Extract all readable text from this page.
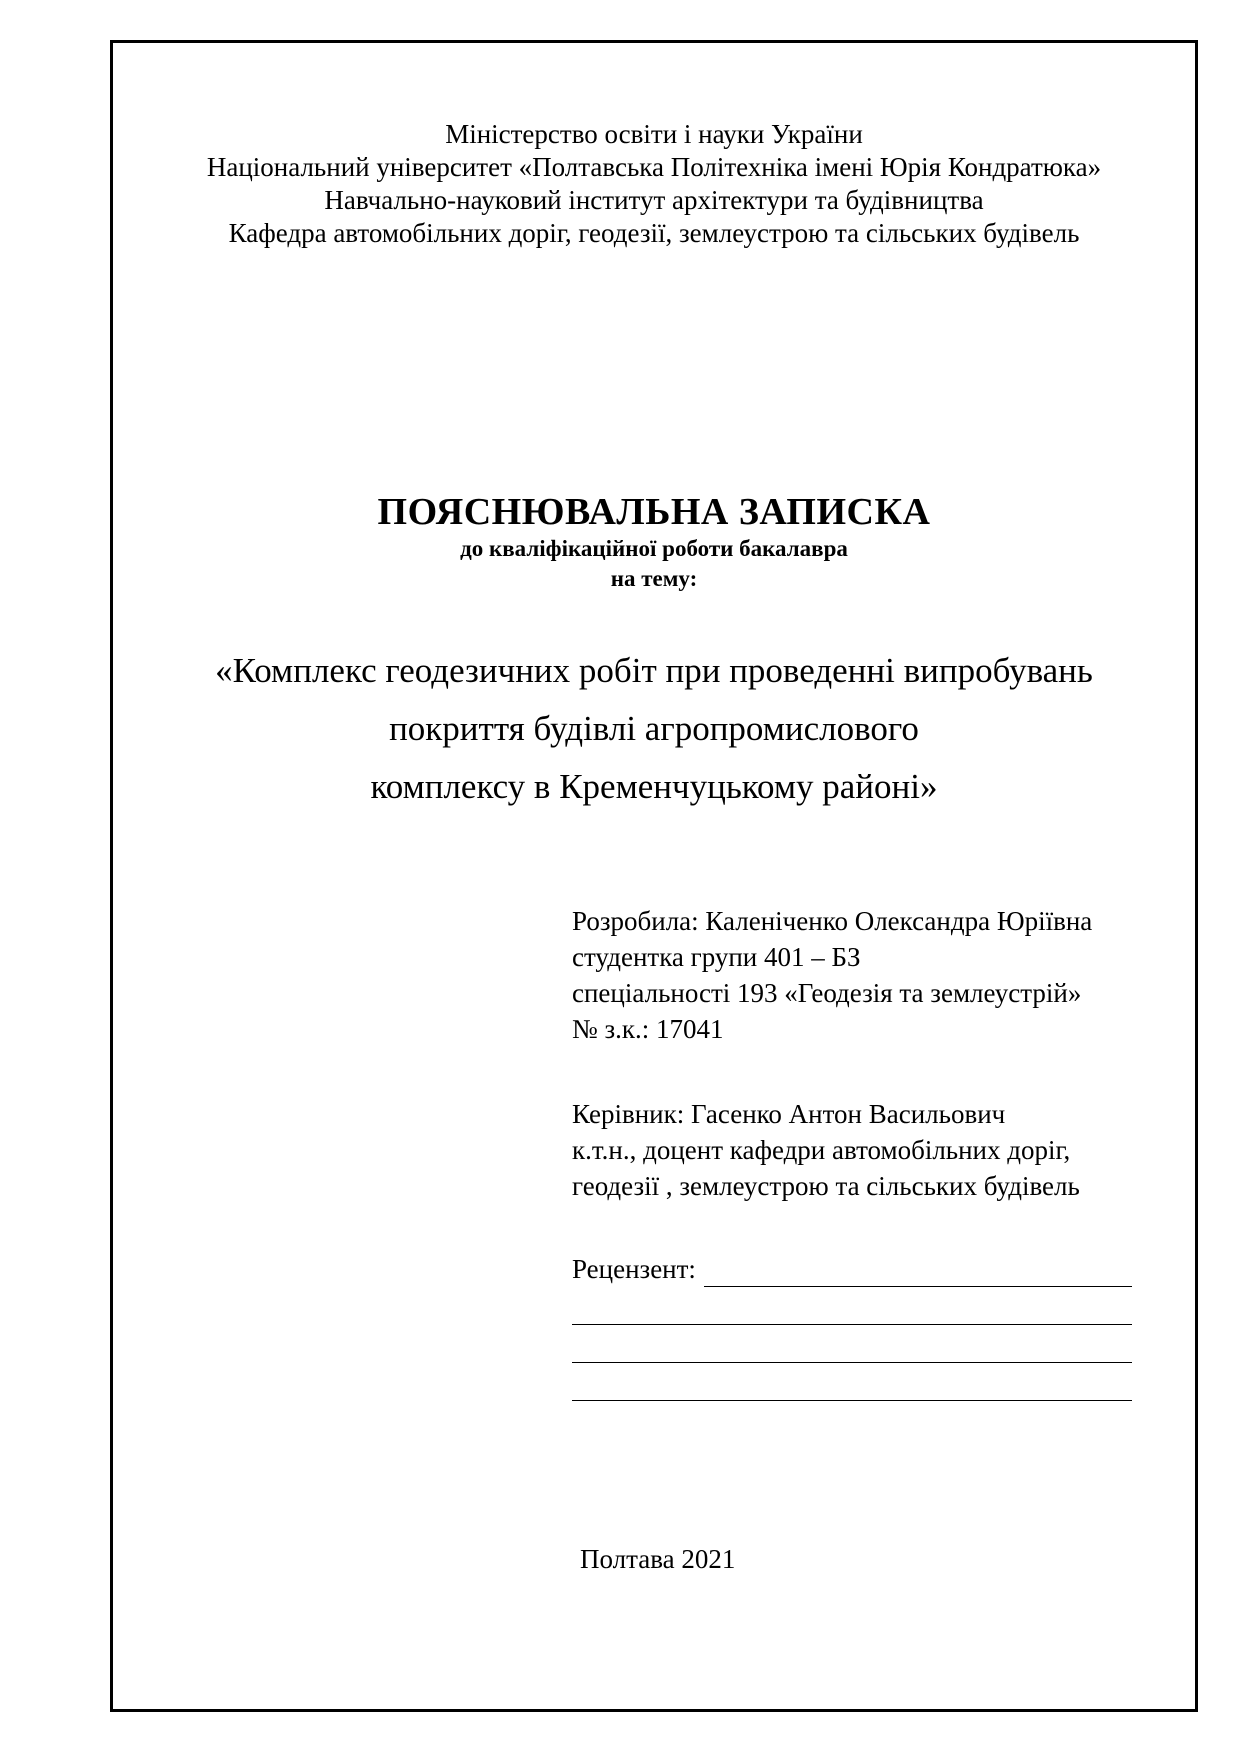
Міністерство освіти і науки України
Національний університет «Полтавська Політехніка імені Юрія Кондратюка»
Навчально-науковий інститут архітектури та будівництва
Кафедра автомобільних доріг, геодезії, землеустрою та сільських будівель
ПОЯСНЮВАЛЬНА ЗАПИСКА
до кваліфікаційної роботи бакалавра
на тему:
«Комплекс геодезичних робіт при проведенні випробувань
покриття будівлі агропромислового
комплексу в Кременчуцькому районі»
Розробила: Каленіченко Олександра Юріївна
студентка групи 401 – БЗ
спеціальності 193 «Геодезія та землеустрій»
№ з.к.: 17041
Керівник: Гасенко Антон Васильович
к.т.н., доцент кафедри автомобільних доріг,
геодезії , землеустрою та сільських будівель
Рецензент:
Полтава 2021
